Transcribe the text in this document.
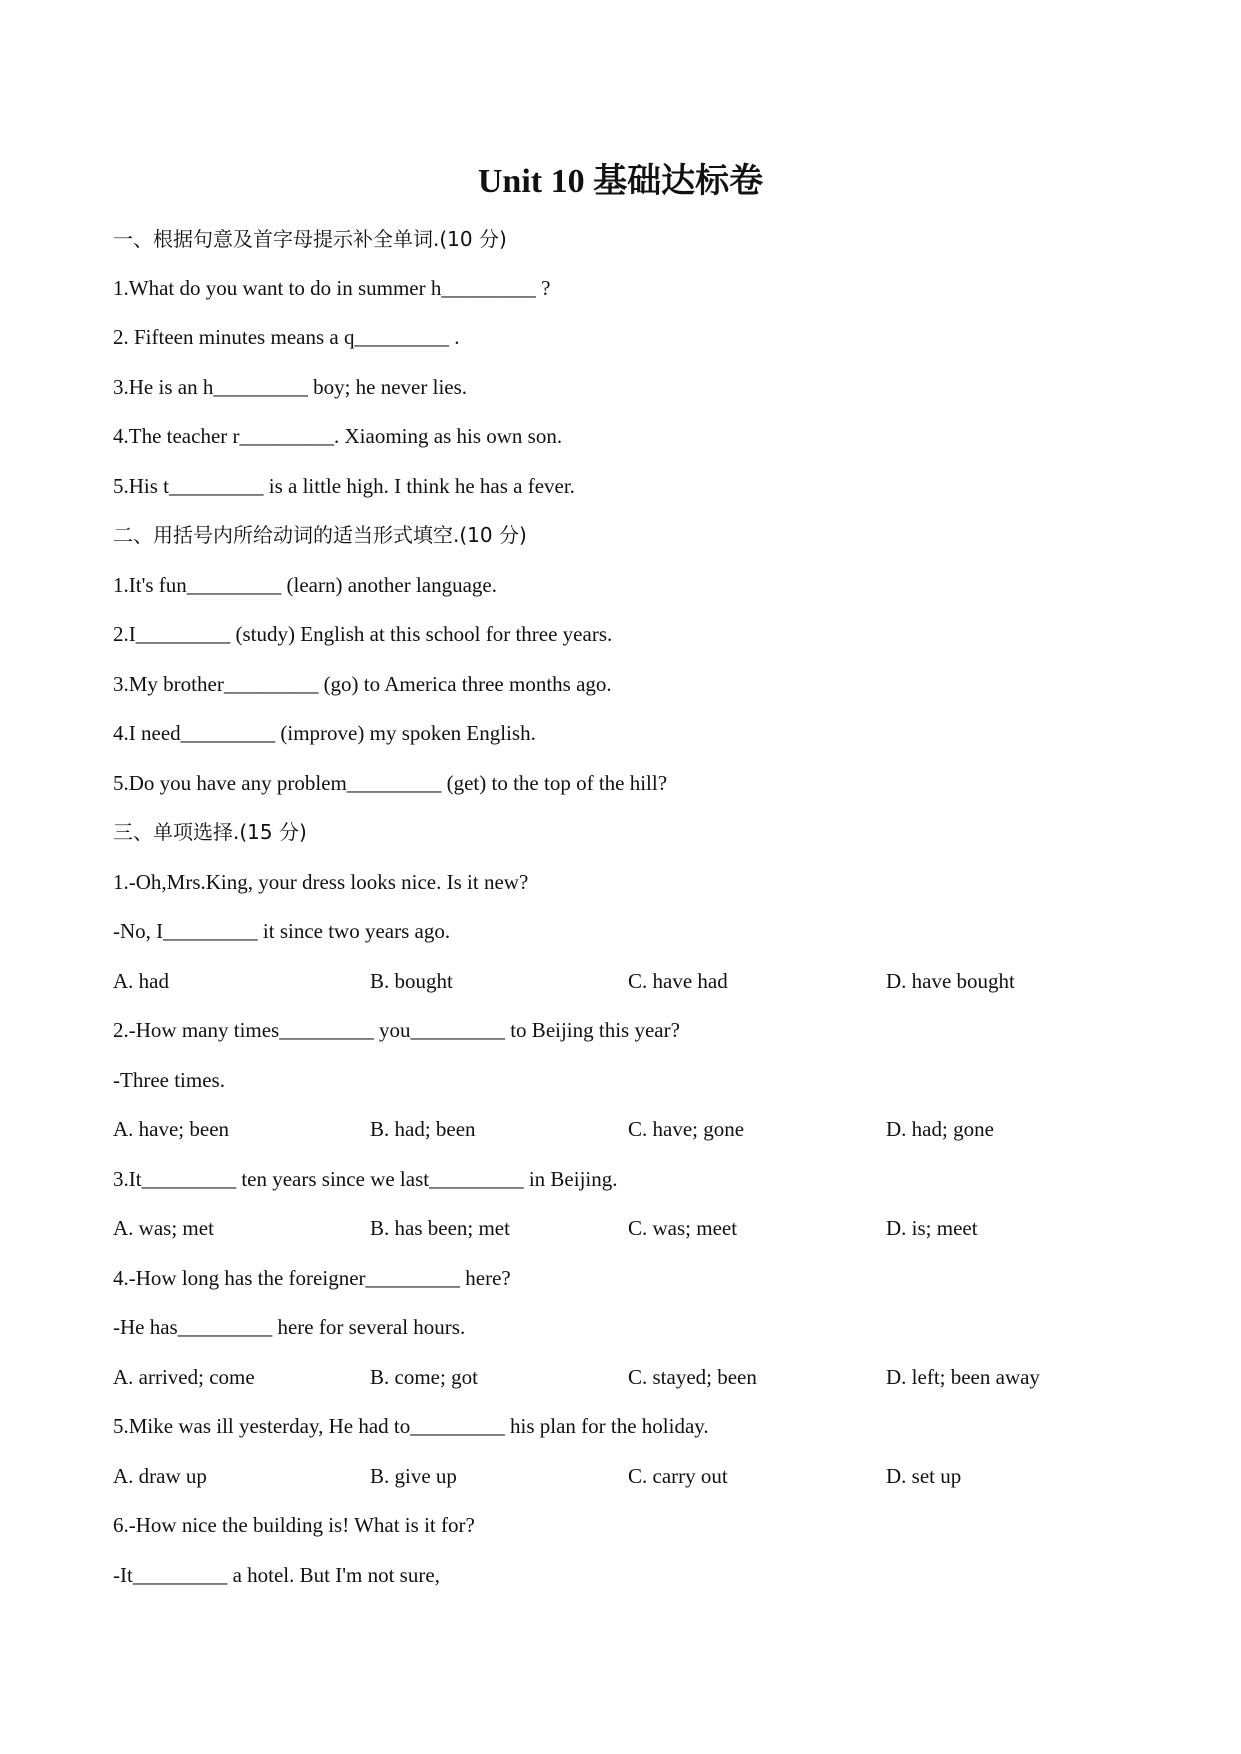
Unit 10 基础达标卷
一、根据句意及首字母提示补全单词.(10 分)
1.What do you want to do in summer h_________ ?
2. Fifteen minutes means a q_________ .
3.He is an h_________ boy; he never lies.
4.The teacher r_________. Xiaoming as his own son.
5.His t_________ is a little high. I think he has a fever.
二、用括号内所给动词的适当形式填空.(10 分)
1.It's fun_________ (learn) another language.
2.I_________ (study) English at this school for three years.
3.My brother_________ (go) to America three months ago.
4.I need_________ (improve) my spoken English.
5.Do you have any problem_________ (get) to the top of the hill?
三、单项选择.(15 分)
1.-Oh,Mrs.King, your dress looks nice. Is it new?
-No, I_________ it since two years ago.
A. had	B. bought	C. have had	D. have bought
2.-How many times_________ you_________ to Beijing this year?
-Three times.
A. have; been	B. had; been	C. have; gone	D. had; gone
3.It_________ ten years since we last_________ in Beijing.
A. was; met	B. has been; met	C. was; meet	D. is; meet
4.-How long has the foreigner_________ here?
-He has_________ here for several hours.
A. arrived; come	B. come; got	C. stayed; been	D. left; been away
5.Mike was ill yesterday, He had to_________ his plan for the holiday.
A. draw up	B. give up	C. carry out	D. set up
6.-How nice the building is! What is it for?
-It_________ a hotel. But I'm not sure,
